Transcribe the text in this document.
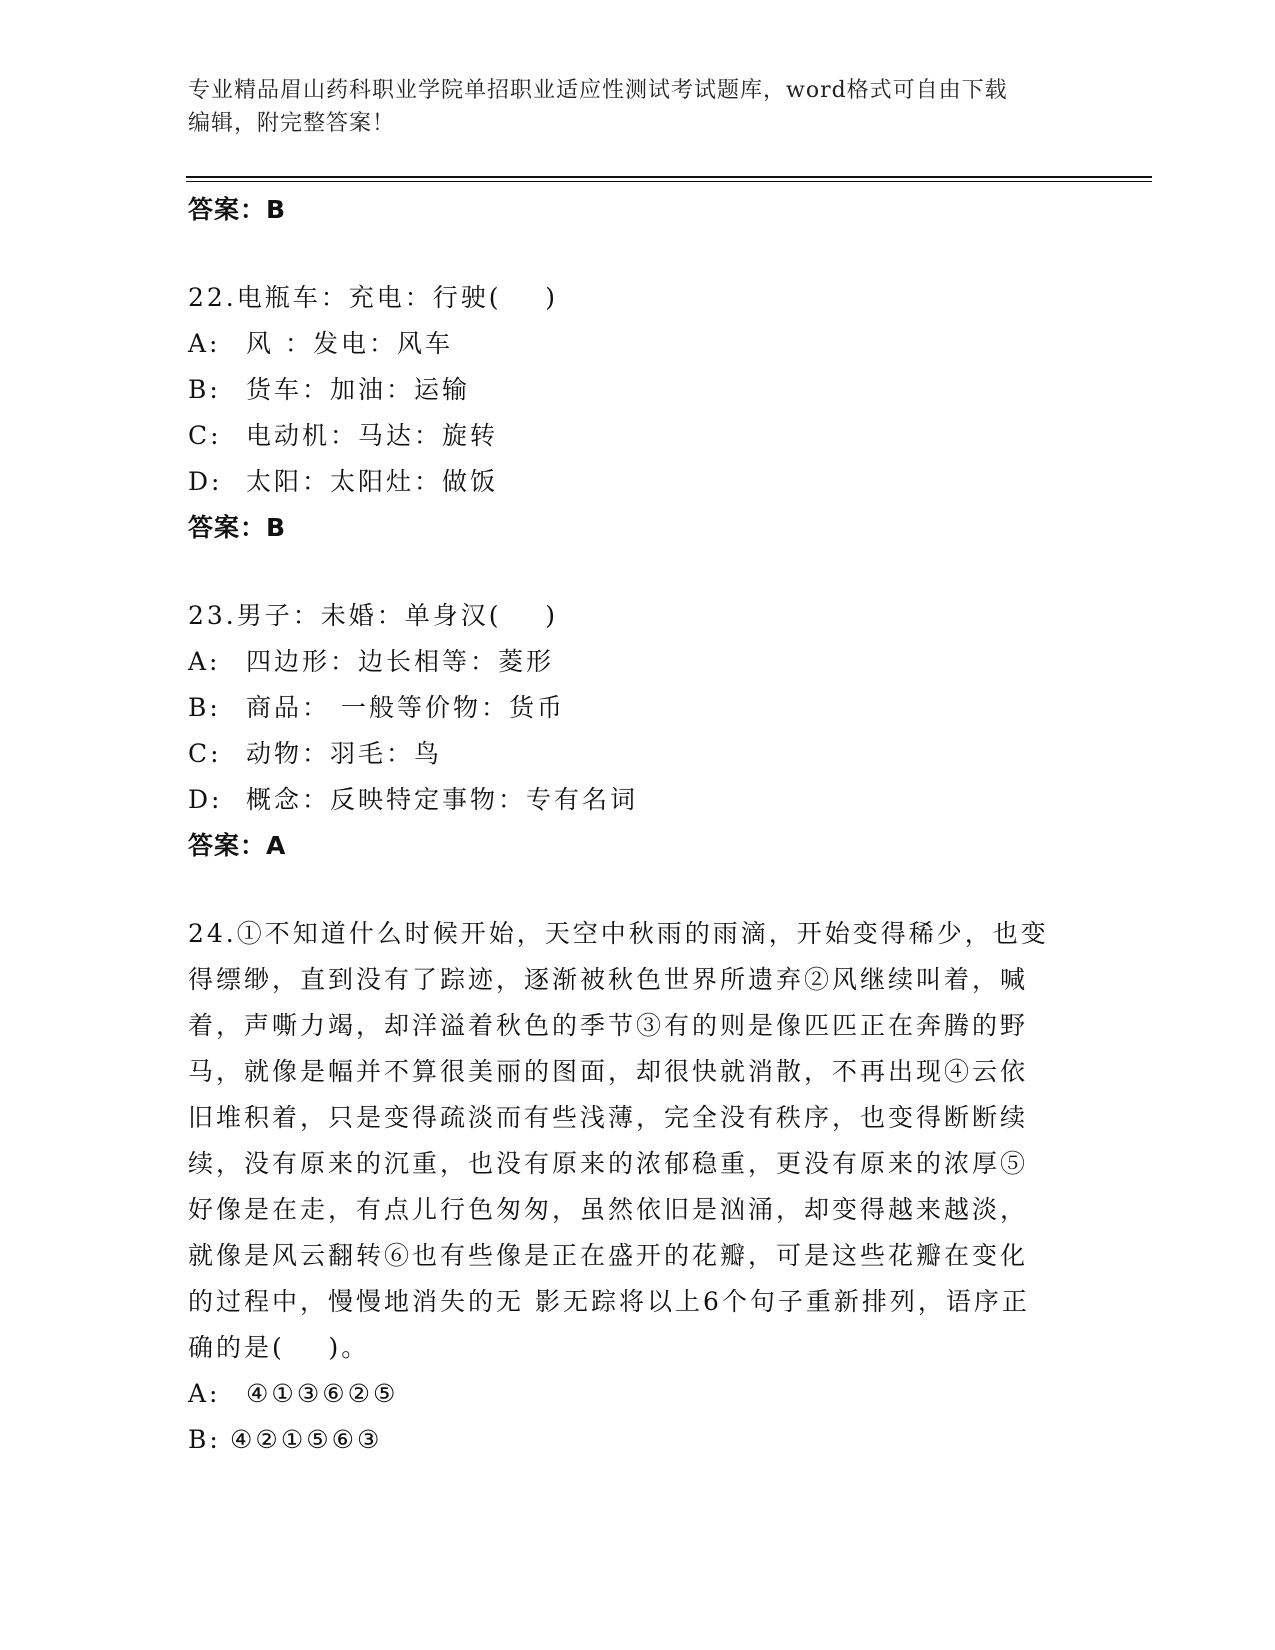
专业精品眉山药科职业学院单招职业适应性测试考试题库，word格式可自由下载
编辑，附完整答案！
答案：B
22.电瓶车：充电：行驶(    )
A:	风 ：发电：风车
B:	货车：加油：运输
C: 电动机：马达：旋转
D: 太阳：太阳灶：做饭
答案：B
23.男子：未婚：单身汉(    )
A:	四边形：边长相等：菱形
B:	商品： 一般等价物：货币
C: 动物：羽毛：鸟
D: 概念：反映特定事物：专有名词
答案：A
24.①不知道什么时候开始，天空中秋雨的雨滴，开始变得稀少，也变
得缥缈，直到没有了踪迹，逐渐被秋色世界所遗弃②风继续叫着，喊
着，声嘶力竭，却洋溢着秋色的季节③有的则是像匹匹正在奔腾的野
马，就像是幅并不算很美丽的图面，却很快就消散，不再出现④云依
旧堆积着，只是变得疏淡而有些浅薄，完全没有秩序，也变得断断续
续，没有原来的沉重，也没有原来的浓郁稳重，更没有原来的浓厚⑤
好像是在走，有点儿行色匆匆，虽然依旧是汹涌，却变得越来越淡，
就像是风云翻转⑥也有些像是正在盛开的花瓣，可是这些花瓣在变化
的过程中，慢慢地消失的无 影无踪将以上6个句子重新排列，语序正
确的是(    )。
A:	④①③⑥②⑤
B: ④②①⑤⑥③
